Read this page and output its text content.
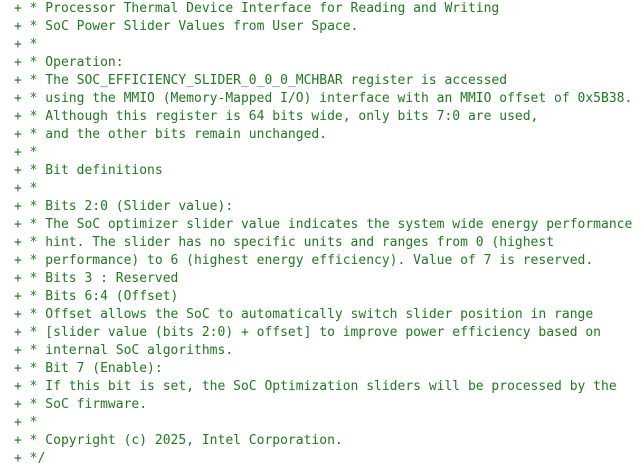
+ * Processor Thermal Device Interface for Reading and Writing
+ * SoC Power Slider Values from User Space.
+ *
+ * Operation:
+ * The SOC_EFFICIENCY_SLIDER_0_0_0_MCHBAR register is accessed
+ * using the MMIO (Memory-Mapped I/O) interface with an MMIO offset of 0x5B38.
+ * Although this register is 64 bits wide, only bits 7:0 are used,
+ * and the other bits remain unchanged.
+ *
+ * Bit definitions
+ *
+ * Bits 2:0 (Slider value):
+ * The SoC optimizer slider value indicates the system wide energy performance
+ * hint. The slider has no specific units and ranges from 0 (highest
+ * performance) to 6 (highest energy efficiency). Value of 7 is reserved.
+ * Bits 3 : Reserved
+ * Bits 6:4 (Offset)
+ * Offset allows the SoC to automatically switch slider position in range
+ * [slider value (bits 2:0) + offset] to improve power efficiency based on
+ * internal SoC algorithms.
+ * Bit 7 (Enable):
+ * If this bit is set, the SoC Optimization sliders will be processed by the
+ * SoC firmware.
+ *
+ * Copyright (c) 2025, Intel Corporation.
+ */
